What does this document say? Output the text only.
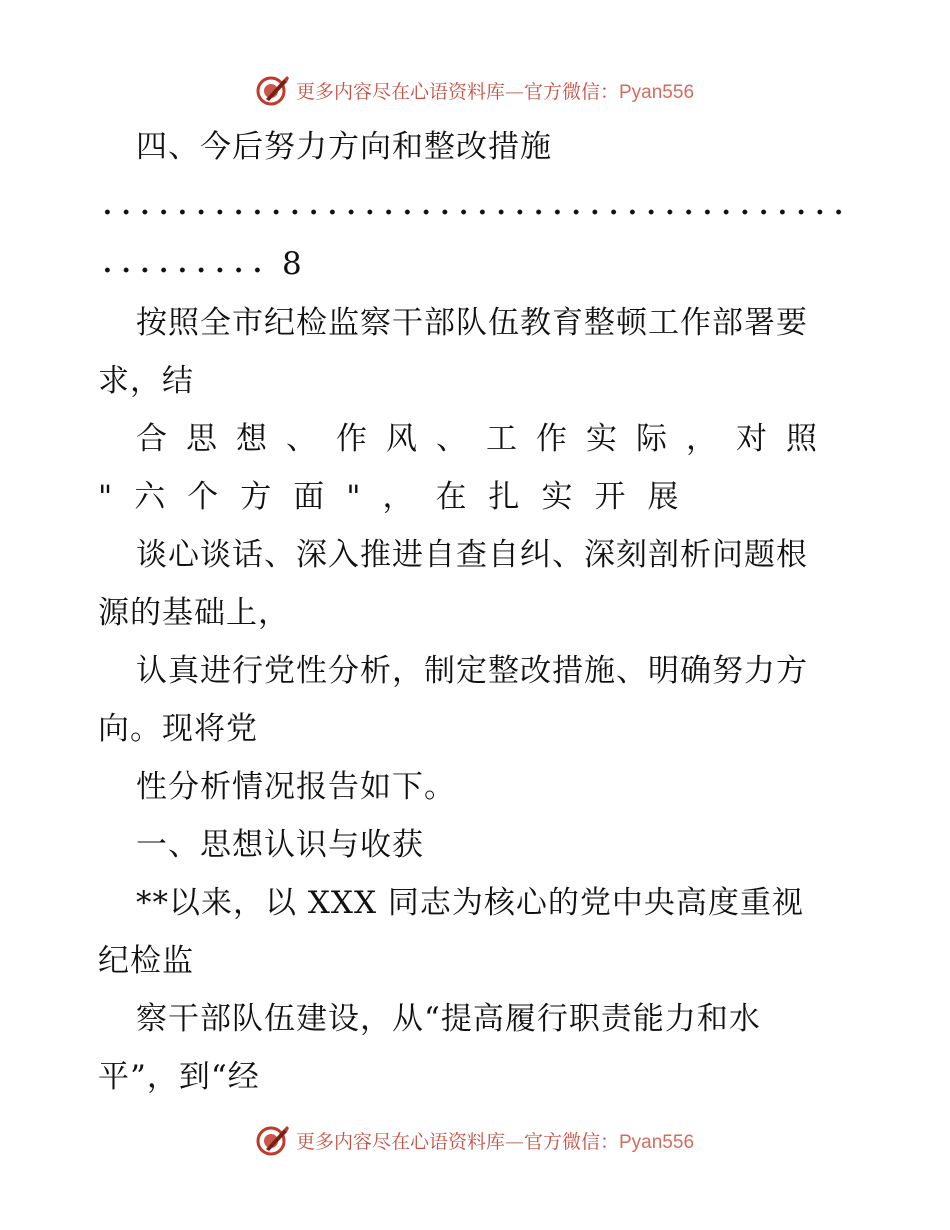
更多内容尽在心语资料库—官方微信：Pyan556
四、今后努力方向和整改措施
8
按照全市纪检监察干部队伍教育整顿工作部署要
求，结
合思想、作风、工作实际，对照
"六个方面"，在扎实开展
谈心谈话、深入推进自查自纠、深刻剖析问题根
源的基础上，
认真进行党性分析，制定整改措施、明确努力方
向。现将党
性分析情况报告如下。
一、思想认识与收获
**以来，以 XXX 同志为核心的党中央高度重视
纪检监
察干部队伍建设，从“提高履行职责能力和水
平”，到“经
更多内容尽在心语资料库—官方微信：Pyan556
